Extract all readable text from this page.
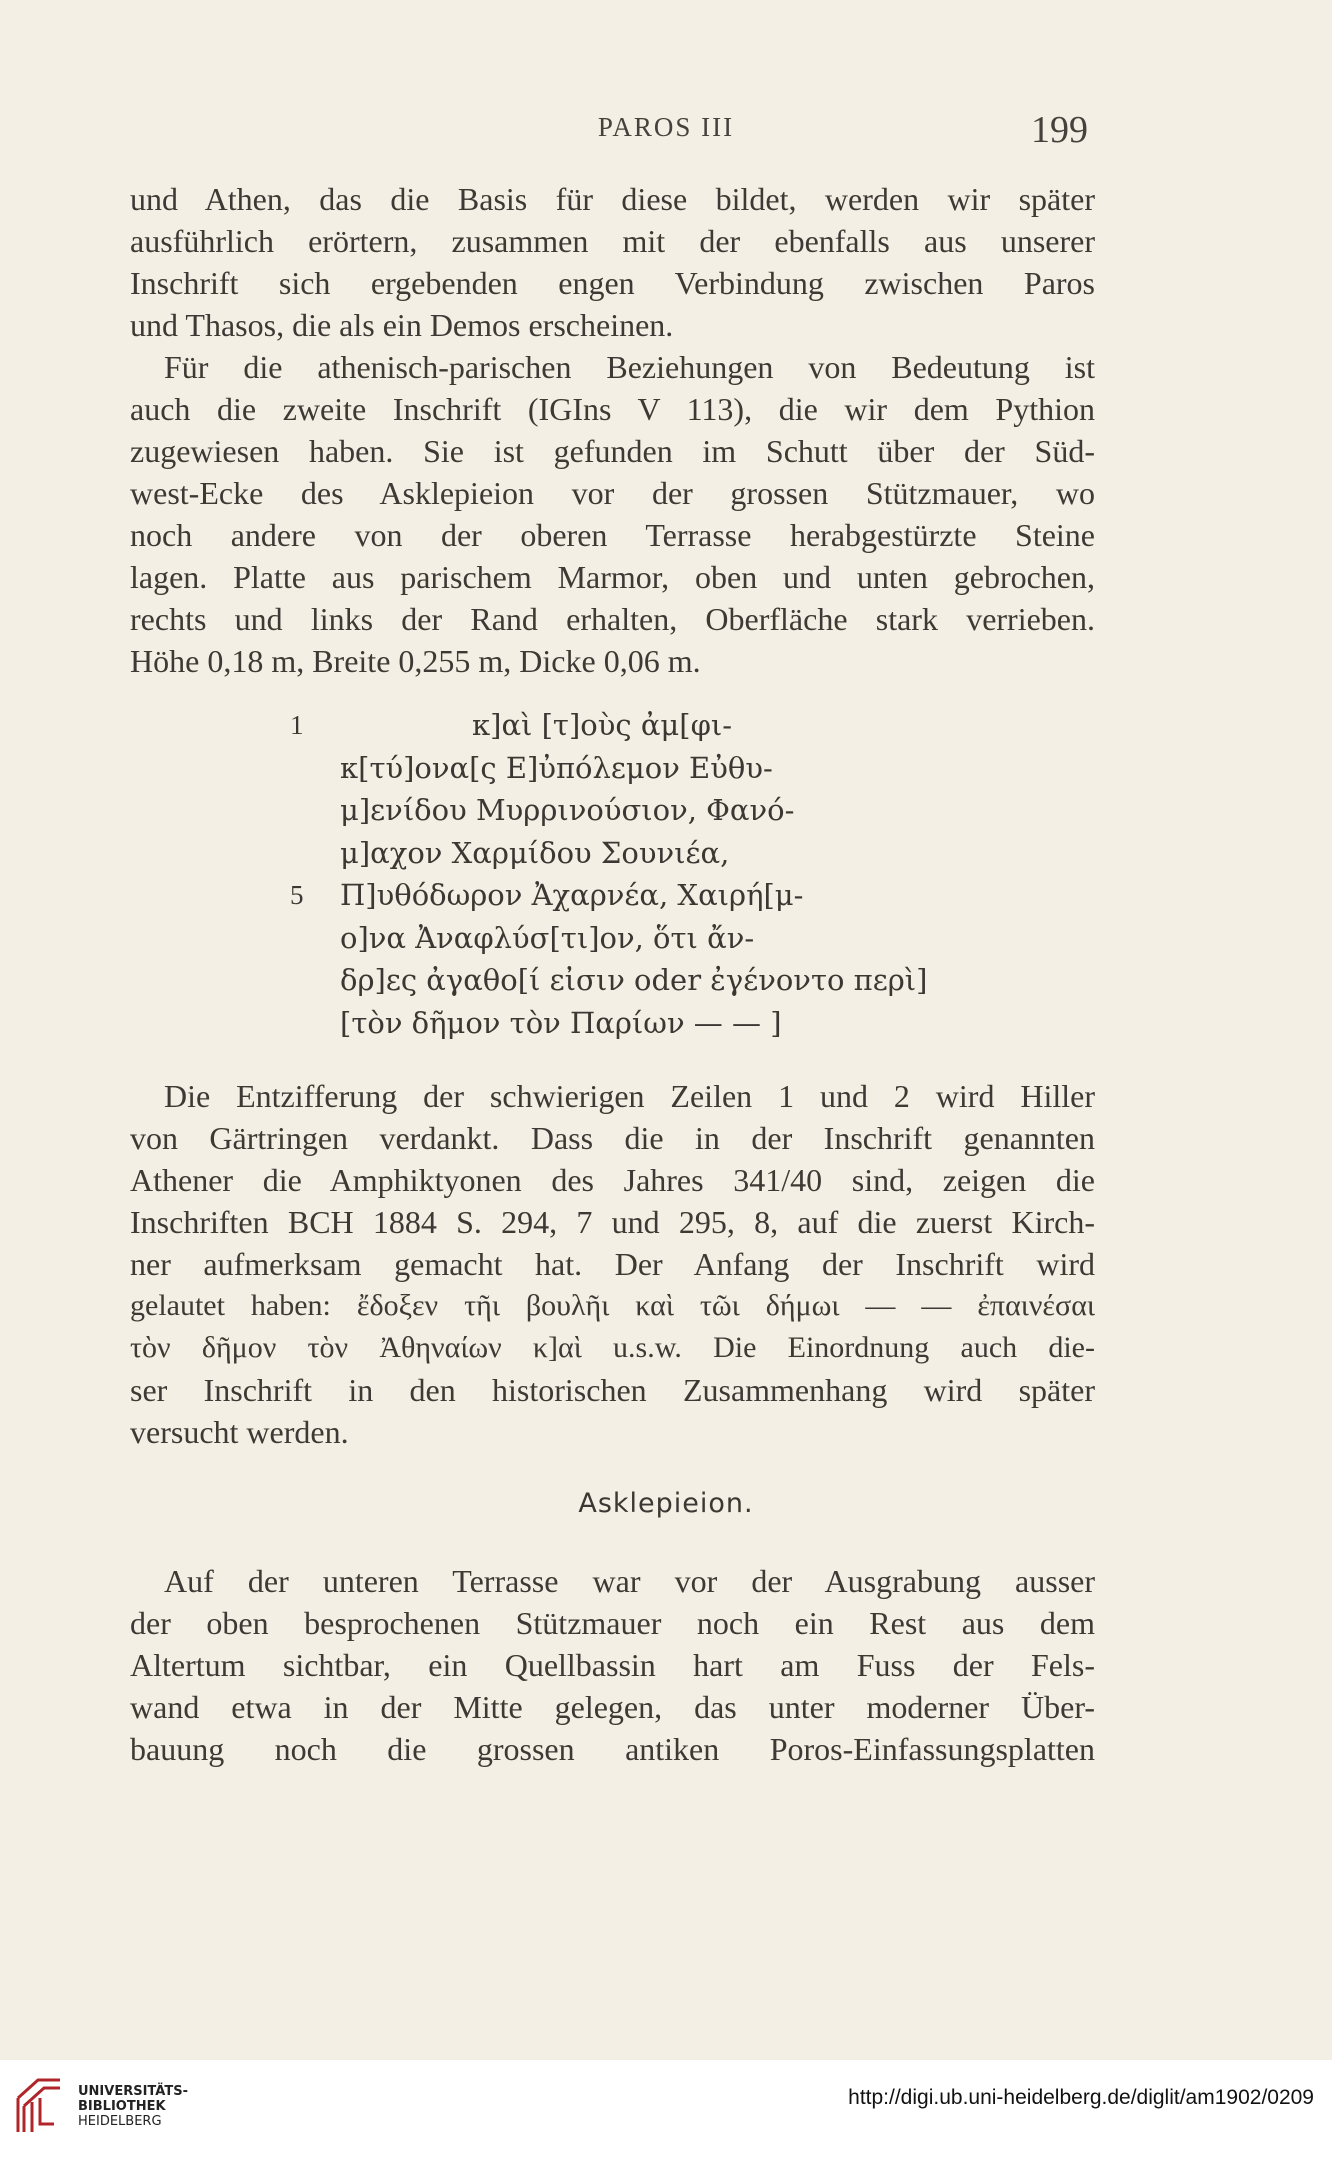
PAROS III	199
und Athen, das die Basis für diese bildet, werden wir später
ausführlich erörtern, zusammen mit der ebenfalls aus unserer
Inschrift sich ergebenden engen Verbindung zwischen Paros
und Thasos, die als ein Demos erscheinen.
Für die athenisch-parischen Beziehungen von Bedeutung ist
auch die zweite Inschrift (IGIns V 113), die wir dem Pythion
zugewiesen haben. Sie ist gefunden im Schutt über der Süd-
west-Ecke des Asklepieion vor der grossen Stützmauer, wo
noch andere von der oberen Terrasse herabgestürzte Steine
lagen. Platte aus parischem Marmor, oben und unten gebrochen,
rechts und links der Rand erhalten, Oberfläche stark verrieben.
Höhe 0,18 m, Breite 0,255 m, Dicke 0,06 m.
1	κ]αὶ [τ]οὺς ἀμ[φι-
κ[τύ]ονα[ς Ε]ὐπόλεμον Εὐθυ-
μ]ενίδου Μυρρινούσιον, Φανό-
μ]αχον Χαρμίδου Σουνιέα,
5 Π]υθόδωρον Ἀχαρνέα, Χαιρή[μ-
ο]να Ἀναφλύσ[τι]ον, ὅτι ἄν-
δρ]ες ἀγαθο[ί εἰσιν oder ἐγένοντο περὶ]
[τὸν δῆμον τὸν Παρίων — — ]
Die Entzifferung der schwierigen Zeilen 1 und 2 wird Hiller
von Gärtringen verdankt. Dass die in der Inschrift genannten
Athener die Amphiktyonen des Jahres 341/40 sind, zeigen die
Inschriften BCH 1884 S. 294, 7 und 295, 8, auf die zuerst Kirch-
ner aufmerksam gemacht hat. Der Anfang der Inschrift wird
gelautet haben: ἔδοξεν τῆι βουλῆι καὶ τῶι δήμωι — — ἐπαινέσαι
τὸν δῆμον τὸν Ἀθηναίων κ]αὶ u.s.w. Die Einordnung auch die-
ser Inschrift in den historischen Zusammenhang wird später
versucht werden.
Asklepieion.
Auf der unteren Terrasse war vor der Ausgrabung ausser
der oben besprochenen Stützmauer noch ein Rest aus dem
Altertum sichtbar, ein Quellbassin hart am Fuss der Fels-
wand etwa in der Mitte gelegen, das unter moderner Über-
bauung noch die grossen antiken Poros-Einfassungsplatten
UNIVERSITÄTS-
BIBLIOTHEK
HEIDELBERG
http://digi.ub.uni-heidelberg.de/diglit/am1902/0209
